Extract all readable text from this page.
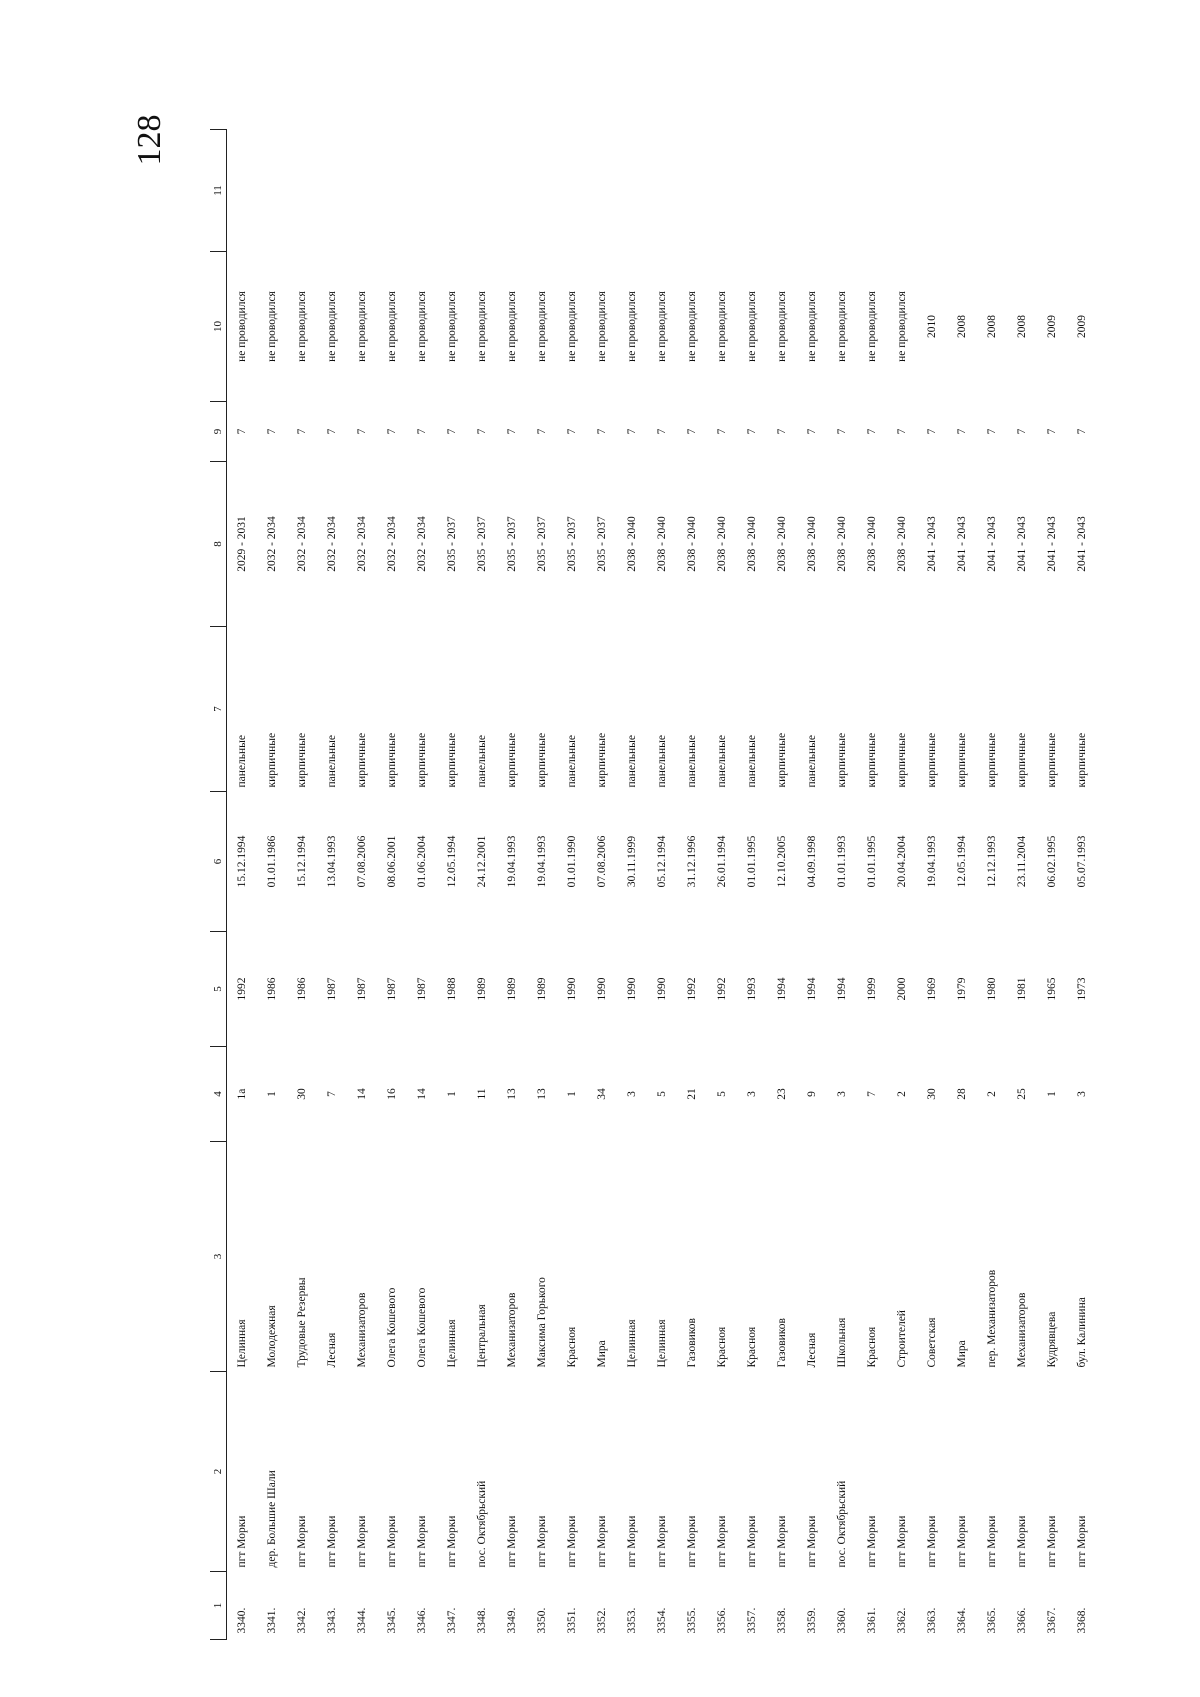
128
1	2	3	4	5	6	7	8	9	10	11
3340.	пгт Морки	Целинная	1а	1992	15.12.1994	панельные	2029 - 2031	7	не проводился	
3341.	дер. Большие Шали	Молодежная	1	1986	01.01.1986	кирпичные	2032 - 2034	7	не проводился	
3342.	пгт Морки	Трудовые Резервы	30	1986	15.12.1994	кирпичные	2032 - 2034	7	не проводился	
3343.	пгт Морки	Лесная	7	1987	13.04.1993	панельные	2032 - 2034	7	не проводился	
3344.	пгт Морки	Механизаторов	14	1987	07.08.2006	кирпичные	2032 - 2034	7	не проводился	
3345.	пгт Морки	Олега Кошевого	16	1987	08.06.2001	кирпичные	2032 - 2034	7	не проводился	
3346.	пгт Морки	Олега Кошевого	14	1987	01.06.2004	кирпичные	2032 - 2034	7	не проводился	
3347.	пгт Морки	Целинная	1	1988	12.05.1994	кирпичные	2035 - 2037	7	не проводился	
3348.	пос. Октябрьский	Центральная	11	1989	24.12.2001	панельные	2035 - 2037	7	не проводился	
3349.	пгт Морки	Механизаторов	13	1989	19.04.1993	кирпичные	2035 - 2037	7	не проводился	
3350.	пгт Морки	Максима Горького	13	1989	19.04.1993	кирпичные	2035 - 2037	7	не проводился	
3351.	пгт Морки	Красноя	1	1990	01.01.1990	панельные	2035 - 2037	7	не проводился	
3352.	пгт Морки	Мира	34	1990	07.08.2006	кирпичные	2035 - 2037	7	не проводился	
3353.	пгт Морки	Целинная	3	1990	30.11.1999	панельные	2038 - 2040	7	не проводился	
3354.	пгт Морки	Целинная	5	1990	05.12.1994	панельные	2038 - 2040	7	не проводился	
3355.	пгт Морки	Газовиков	21	1992	31.12.1996	панельные	2038 - 2040	7	не проводился	
3356.	пгт Морки	Красноя	5	1992	26.01.1994	панельные	2038 - 2040	7	не проводился	
3357.	пгт Морки	Красноя	3	1993	01.01.1995	панельные	2038 - 2040	7	не проводился	
3358.	пгт Морки	Газовиков	23	1994	12.10.2005	кирпичные	2038 - 2040	7	не проводился	
3359.	пгт Морки	Лесная	9	1994	04.09.1998	панельные	2038 - 2040	7	не проводился	
3360.	пос. Октябрьский	Школьная	3	1994	01.01.1993	кирпичные	2038 - 2040	7	не проводился	
3361.	пгт Морки	Красноя	7	1999	01.01.1995	кирпичные	2038 - 2040	7	не проводился	
3362.	пгт Морки	Строителей	2	2000	20.04.2004	кирпичные	2038 - 2040	7	не проводился	
3363.	пгт Морки	Советская	30	1969	19.04.1993	кирпичные	2041 - 2043	7	2010	
3364.	пгт Морки	Мира	28	1979	12.05.1994	кирпичные	2041 - 2043	7	2008	
3365.	пгт Морки	пер. Механизаторов	2	1980	12.12.1993	кирпичные	2041 - 2043	7	2008	
3366.	пгт Морки	Механизаторов	25	1981	23.11.2004	кирпичные	2041 - 2043	7	2008	
3367.	пгт Морки	Кудрявцева	1	1965	06.02.1995	кирпичные	2041 - 2043	7	2009	
3368.	пгт Морки	бул. Калинина	3	1973	05.07.1993	кирпичные	2041 - 2043	7	2009	
